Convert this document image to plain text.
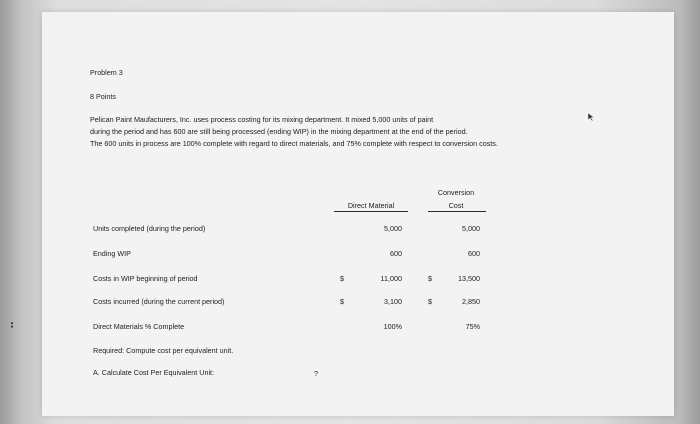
Problem 3
8 Points
Pelican Paint Maufacturers, Inc. uses process costing for its mixing department. It mixed 5,000 units of paint
during the period and has 600 are still being processed (ending WIP) in the mixing department at the end of the period.
The 600 units in process are 100% complete with regard to direct materials, and 75% complete with respect to conversion costs.
Direct Material
Conversion
Cost
Units completed (during the period)	5,000	5,000
Ending WIP	600	600
Costs in WIP beginning of period	$	11,000	$	13,500
Costs incurred (during the current period)	$	3,100	$	2,850
Direct Materials % Complete	100%	75%
Required: Compute cost per equivalent unit.
A. Calculate Cost Per Equivalent Unit:	?
